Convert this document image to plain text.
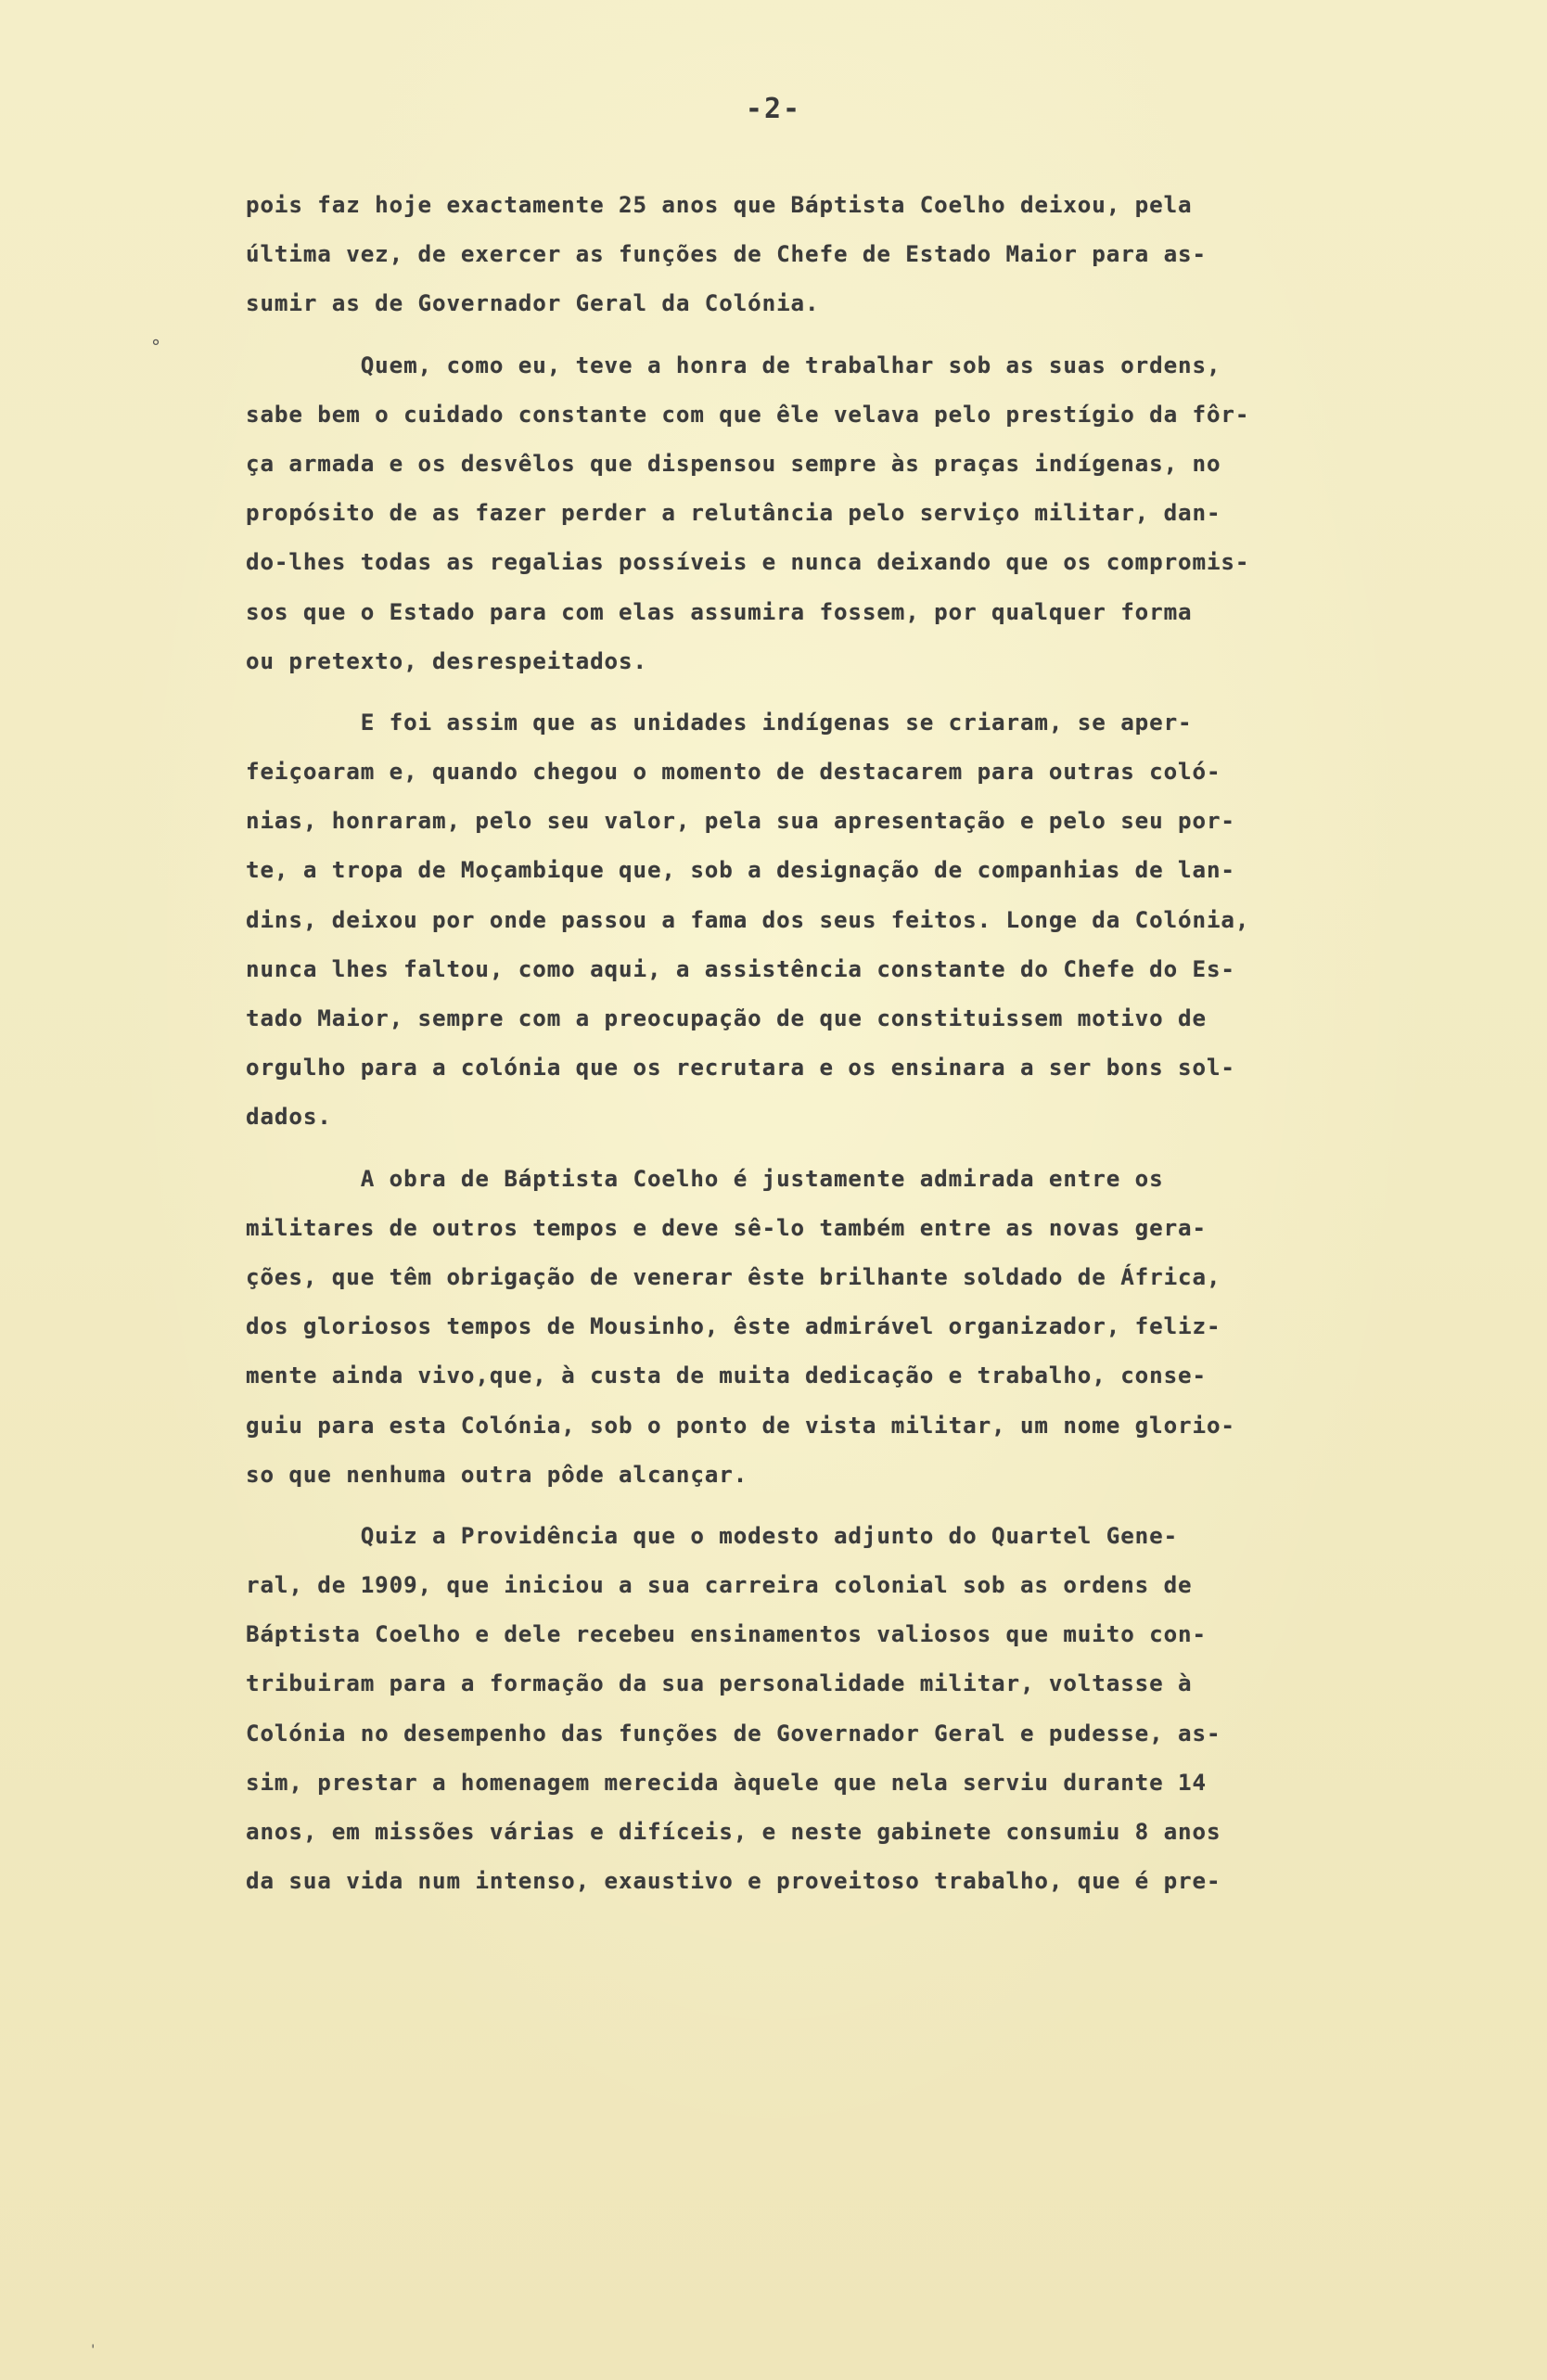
-2-
pois faz hoje exactamente 25 anos que Báptista Coelho deixou, pela
última vez, de exercer as funções de Chefe de Estado Maior para as-
sumir as de Governador Geral da Colónia.
Quem, como eu, teve a honra de trabalhar sob as suas ordens,
sabe bem o cuidado constante com que êle velava pelo prestígio da fôr-
ça armada e os desvêlos que dispensou sempre às praças indígenas, no
propósito de as fazer perder a relutância pelo serviço militar, dan-
do-lhes todas as regalias possíveis e nunca deixando que os compromis-
sos que o Estado para com elas assumira fossem, por qualquer forma
ou pretexto, desrespeitados.
E foi assim que as unidades indígenas se criaram, se aper-
feiçoaram e, quando chegou o momento de destacarem para outras coló-
nias, honraram, pelo seu valor, pela sua apresentação e pelo seu por-
te, a tropa de Moçambique que, sob a designação de companhias de lan-
dins, deixou por onde passou a fama dos seus feitos. Longe da Colónia,
nunca lhes faltou, como aqui, a assistência constante do Chefe do Es-
tado Maior, sempre com a preocupação de que constituissem motivo de
orgulho para a colónia que os recrutara e os ensinara a ser bons sol-
dados.
A obra de Báptista Coelho é justamente admirada entre os
militares de outros tempos e deve sê-lo também entre as novas gera-
ções, que têm obrigação de venerar êste brilhante soldado de África,
dos gloriosos tempos de Mousinho, êste admirável organizador, feliz-
mente ainda vivo,que, à custa de muita dedicação e trabalho, conse-
guiu para esta Colónia, sob o ponto de vista militar, um nome glorio-
so que nenhuma outra pôde alcançar.
Quiz a Providência que o modesto adjunto do Quartel Gene-
ral, de 1909, que iniciou a sua carreira colonial sob as ordens de
Báptista Coelho e dele recebeu ensinamentos valiosos que muito con-
tribuiram para a formação da sua personalidade militar, voltasse à
Colónia no desempenho das funções de Governador Geral e pudesse, as-
sim, prestar a homenagem merecida àquele que nela serviu durante 14
anos, em missões várias e difíceis, e neste gabinete consumiu 8 anos
da sua vida num intenso, exaustivo e proveitoso trabalho, que é pre-
°
'
